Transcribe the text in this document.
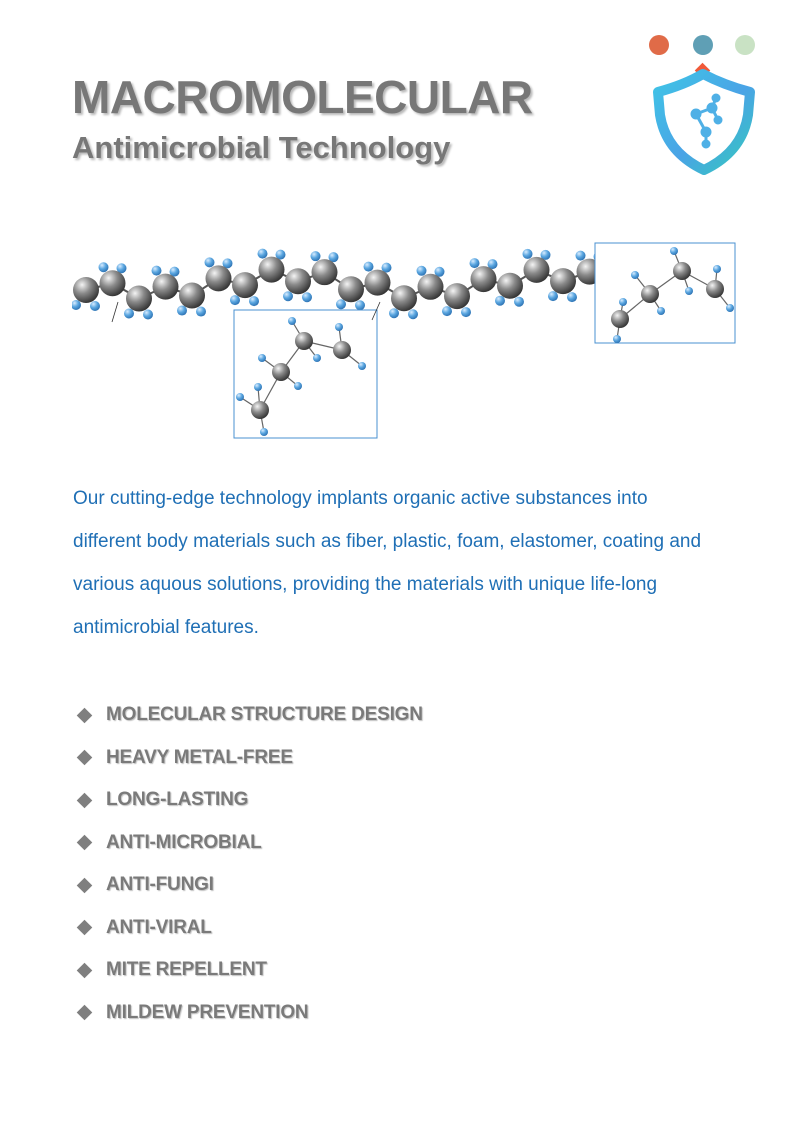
MACROMOLECULAR
Antimicrobial Technology

Our cutting-edge technology implants organic active substances into different body materials such as fiber, plastic, foam, elastomer, coating and various aquous solutions, providing the materials with unique life-long antimicrobial features.

MOLECULAR STRUCTURE DESIGN
HEAVY METAL-FREE
LONG-LASTING
ANTI-MICROBIAL
ANTI-FUNGI
ANTI-VIRAL
MITE REPELLENT
MILDEW PREVENTION
